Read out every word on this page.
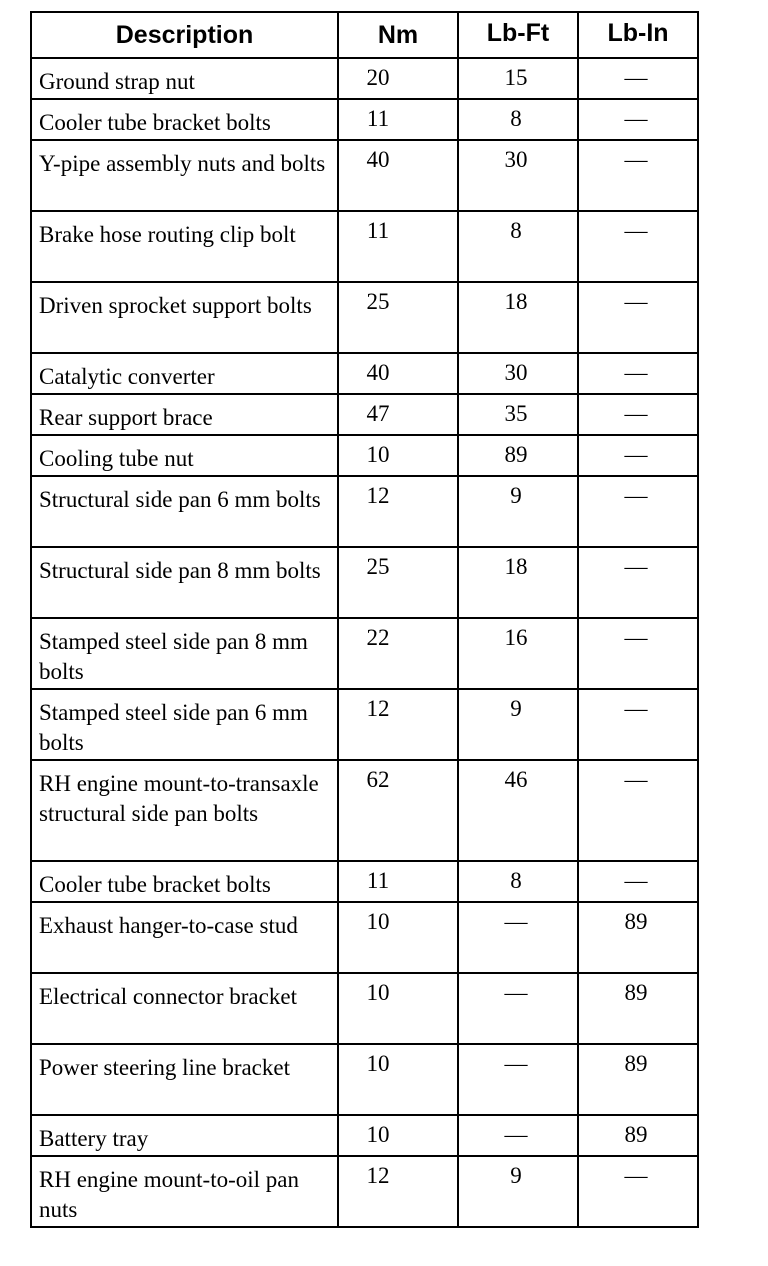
Description	Nm	Lb-Ft	Lb-In
Ground strap nut	20	15	—
Cooler tube bracket bolts	11	8	—
Y-pipe assembly nuts and bolts	40	30	—
Brake hose routing clip bolt	11	8	—
Driven sprocket support bolts	25	18	—
Catalytic converter	40	30	—
Rear support brace	47	35	—
Cooling tube nut	10	89	—
Structural side pan 6 mm bolts	12	9	—
Structural side pan 8 mm bolts	25	18	—
Stamped steel side pan 8 mm bolts	22	16	—
Stamped steel side pan 6 mm bolts	12	9	—
RH engine mount-to-transaxle structural side pan bolts	62	46	—
Cooler tube bracket bolts	11	8	—
Exhaust hanger-to-case stud	10	—	89
Electrical connector bracket	10	—	89
Power steering line bracket	10	—	89
Battery tray	10	—	89
RH engine mount-to-oil pan nuts	12	9	—
